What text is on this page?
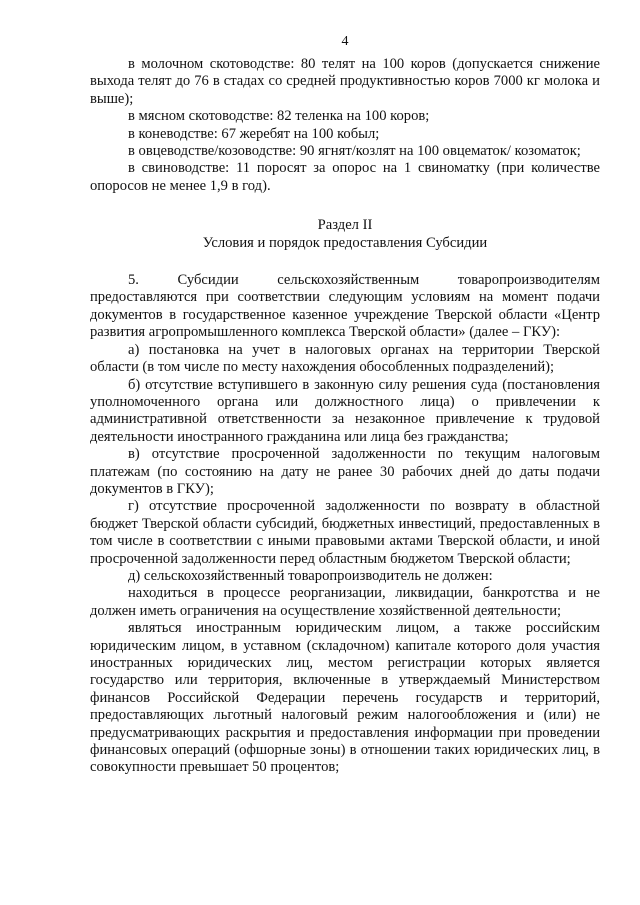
4

в молочном скотоводстве: 80 телят на 100 коров (допускается снижение выхода телят до 76 в стадах со средней продуктивностью коров 7000 кг молока и выше);

в мясном скотоводстве: 82 теленка на 100 коров;

в коневодстве: 67 жеребят на 100 кобыл;

в овцеводстве/козоводстве: 90 ягнят/козлят на 100 овцематок/ козоматок;

в свиноводстве: 11 поросят за опорос на 1 свиноматку (при количестве опоросов не менее 1,9 в год).

Раздел II

Условия и порядок предоставления Субсидии

5. Субсидии сельскохозяйственным товаропроизводителям предоставляются при соответствии следующим условиям на момент подачи документов в государственное казенное учреждение Тверской области «Центр развития агропромышленного комплекса Тверской области» (далее – ГКУ):

а) постановка на учет в налоговых органах на территории Тверской области (в том числе по месту нахождения обособленных подразделений);

б) отсутствие вступившего в законную силу решения суда (постановления уполномоченного органа или должностного лица) о привлечении к административной ответственности за незаконное привлечение к трудовой деятельности иностранного гражданина или лица без гражданства;

в) отсутствие просроченной задолженности по текущим налоговым платежам (по состоянию на дату не ранее 30 рабочих дней до даты подачи документов в ГКУ);

г) отсутствие просроченной задолженности по возврату в областной бюджет Тверской области субсидий, бюджетных инвестиций, предоставленных в том числе в соответствии с иными правовыми актами Тверской области, и иной просроченной задолженности перед областным бюджетом Тверской области;

д) сельскохозяйственный товаропроизводитель не должен:

находиться в процессе реорганизации, ликвидации, банкротства и не должен иметь ограничения на осуществление хозяйственной деятельности;

являться иностранным юридическим лицом, а также российским юридическим лицом, в уставном (складочном) капитале которого доля участия иностранных юридических лиц, местом регистрации которых является государство или территория, включенные в утверждаемый Министерством финансов Российской Федерации перечень государств и территорий, предоставляющих льготный налоговый режим налогообложения и (или) не предусматривающих раскрытия и предоставления информации при проведении финансовых операций (офшорные зоны) в отношении таких юридических лиц, в совокупности превышает 50 процентов;
